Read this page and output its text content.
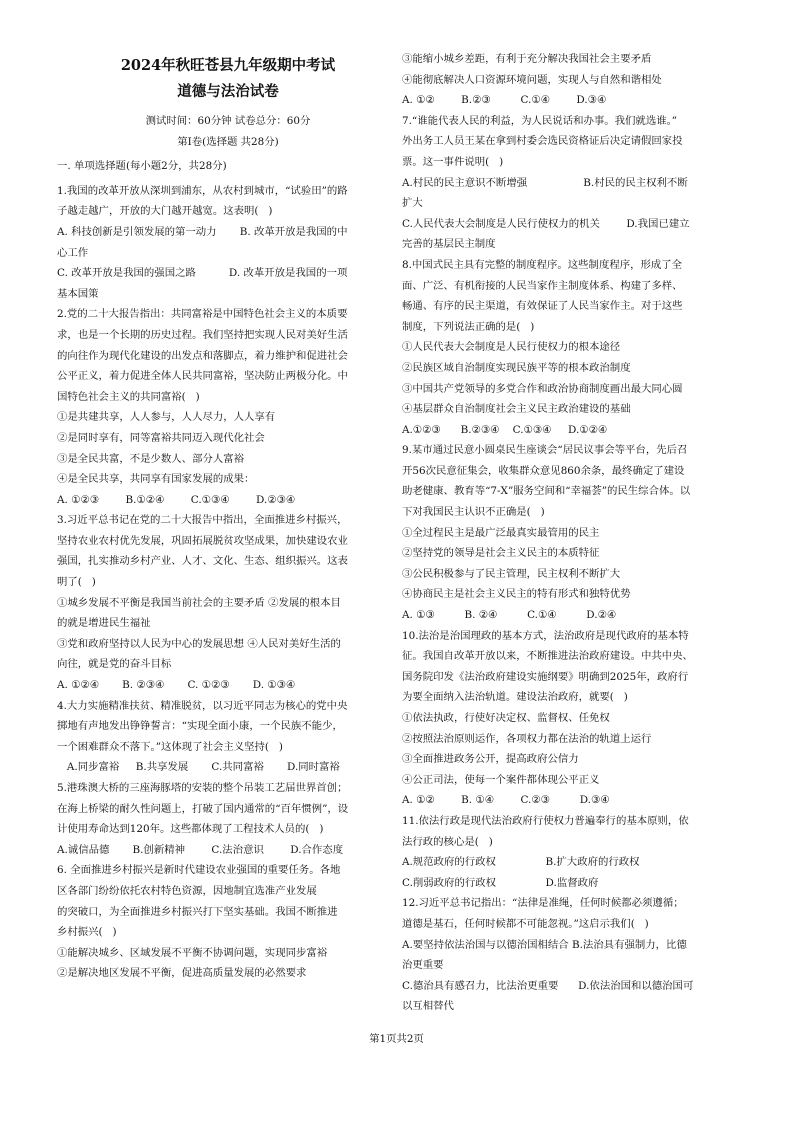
2024年秋旺苍县九年级期中考试

道德与法治试卷

测试时间：60分钟 试卷总分：60分

第Ⅰ卷(选择题 共28分)

一. 单项选择题(每小题2分，共28分)

1.我国的改革开放从深圳到浦东，从农村到城市，“试验田”的路

子越走越广，开放的大门越开越宽。这表明(   )

A. 科技创新是引领发展的第一动力       B. 改革开放是我国的中

心工作

C. 改革开放是我国的强国之路          D. 改革开放是我国的一项

基本国策

2.党的二十大报告指出：共同富裕是中国特色社会主义的本质要

求，也是一个长期的历史过程。我们坚持把实现人民对美好生活

的向往作为现代化建设的出发点和落脚点，着力维护和促进社会

公平正义，着力促进全体人民共同富裕，坚决防止两极分化。中

国特色社会主义的共同富裕(   )

①是共建共享，人人参与，人人尽力，人人享有

②是同时享有，同等富裕共同迈入现代化社会

③是全民共富，不是少数人、部分人富裕

④是全民共享，共同享有国家发展的成果：

A. ①②③        B.①②④        C.①③④        D.②③④

3.习近平总书记在党的二十大报告中指出，全面推进乡村振兴，

坚持农业农村优先发展，巩固拓展脱贫攻坚成果，加快建设农业

强国，扎实推动乡村产业、人才、文化、生态、组织振兴。这表

明了(   )

①城乡发展不平衡是我国当前社会的主要矛盾 ②发展的根本目

的就是增进民生福祉

③党和政府坚持以人民为中心的发展思想 ④人民对美好生活的

向往，就是党的奋斗目标

A. ①②④       B. ②③④       C. ①②③       D. ①③④

4.大力实施精准扶贫、精准脱贫，以习近平同志为核心的党中央

掷地有声地发出铮铮誓言：“实现全面小康，一个民族不能少，

一个困难群众不落下。”这体现了社会主义坚持(   )

A.同步富裕     B.共享发展       C.共同富裕       D.同时富裕

5.港珠澳大桥的三座海豚塔的安装的整个吊装工艺届世界首创；

在海上桥梁的耐久性问题上，打破了国内通常的“百年惯例”，设

计使用寿命达到120年。这些都体现了工程技术人员的(   )

A.诚信品德       B.创新精神        C.法治意识        D.合作态度

6. 全面推进乡村振兴是新时代建设农业强国的重要任务。各地

区各部门纷纷依托农村特色资源，因地制宜选准产业发展

的突破口，为全面推进乡村振兴打下坚实基础。我国不断推进

乡村振兴(   )

①能解决城乡、区域发展不平衡不协调问题，实现同步富裕

②是解决地区发展不平衡，促进高质量发展的必然要求

③能缩小城乡差距，有利于充分解决我国社会主要矛盾

④能彻底解决人口资源环境问题，实现人与自然和谐相处

A. ①②        B.②③         C.①④        D.③④

7.“谁能代表人民的利益，为人民说话和办事。我们就选谁。”

外出务工人员王某在拿到村委会选民资格证后决定请假回家投

票。这一事件说明(   )

A.村民的民主意识不断增强                 B.村民的民主权利不断

扩大

C.人民代表大会制度是人民行使权力的机关        D.我国已建立

完善的基层民主制度

8.中国式民主具有完整的制度程序。这些制度程序，形成了全

面、广泛、有机衔接的人民当家作主制度体系、构建了多样、

畅通、有序的民主渠道，有效保证了人民当家作主。对于这些

制度，下列说法正确的是(   )

①人民代表大会制度是人民行使权力的根本途径

②民族区域自治制度实现民族平等的根本政治制度

③中国共产党领导的多党合作和政治协商制度画出最大同心圆

④基层群众自治制度社会主义民主政治建设的基础

A.①②③      B.②③④    C.①③④     D.①②④

9.某市通过民意小圆桌民生座谈会“居民议事会等平台，先后召

开56次民意征集会，收集群众意见860余条，最终确定了建设

助老健康、教育等“7-X”服务空间和“幸福荟”的民生综合体。以

下对我国民主认识不正确是(   )

①全过程民主是最广泛最真实最管用的民主

②坚持党的领导是社会主义民主的本质特征

③公民积极参与了民主管理，民主权利不断扩大

④协商民主是社会主义民主的特有形式和独特优势

A. ①③         B. ②④         C.①④         D.②④

10.法治是治国理政的基本方式，法治政府是现代政府的基本特

征。我国自改革开放以来，不断推进法治政府建设。中共中央、

国务院印发《法治政府建设实施纲要》明确到2025年，政府行

为要全面纳入法治轨道。建设法治政府，就要(   )

①依法执政，行使好决定权、监督权、任免权

②按照法治原则运作，各项权力都在法治的轨道上运行

③全面推进政务公开，提高政府公信力

④公正司法，使每一个案件都体现公平正义

A. ①②        B. ①④        C.②③         D.③④

11.依法行政是现代法治政府行使权力普遍奉行的基本原则，依

法行政的核心是(   )

A.规范政府的行政权               B.扩大政府的行政权

C.削弱政府的行政权               D.监督政府

12.习近平总书记指出：“法律是准绳，任何时候都必须遵循；

道德是基石，任何时候都不可能忽视。”这启示我们(   )

A.要坚持依法治国与以德治国相结合 B.法治具有强制力，比德

治更重要

C.德治具有感召力，比法治更重要      D.依法治国和以德治国可

以互相替代

第1页共2页
